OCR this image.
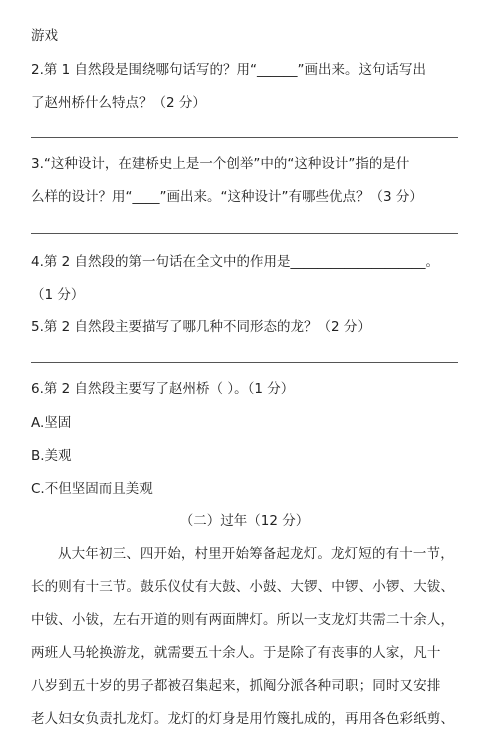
游戏
2.第 1 自然段是围绕哪句话写的？用“______”画出来。这句话写出
了赵州桥什么特点？（2 分）
3.“这种设计，在建桥史上是一个创举”中的“这种设计”指的是什
么样的设计？用“____”画出来。“这种设计”有哪些优点？（3 分）
4.第 2 自然段的第一句话在全文中的作用是____________________。
（1 分）
5.第 2 自然段主要描写了哪几种不同形态的龙？（2 分）
6.第 2 自然段主要写了赵州桥（ ）。（1 分）
A.坚固
B.美观
C.不但坚固而且美观
（二）过年（12 分）
从大年初三、四开始，村里开始筹备起龙灯。龙灯短的有十一节，
长的则有十三节。鼓乐仪仗有大鼓、小鼓、大锣、中锣、小锣、大钹、
中钹、小钹，左右开道的则有两面牌灯。所以一支龙灯共需二十余人，
两班人马轮换游龙，就需要五十余人。于是除了有丧事的人家，凡十
八岁到五十岁的男子都被召集起来，抓阄分派各种司职；同时又安排
老人妇女负责扎龙灯。龙灯的灯身是用竹篾扎成的，再用各色彩纸剪、
